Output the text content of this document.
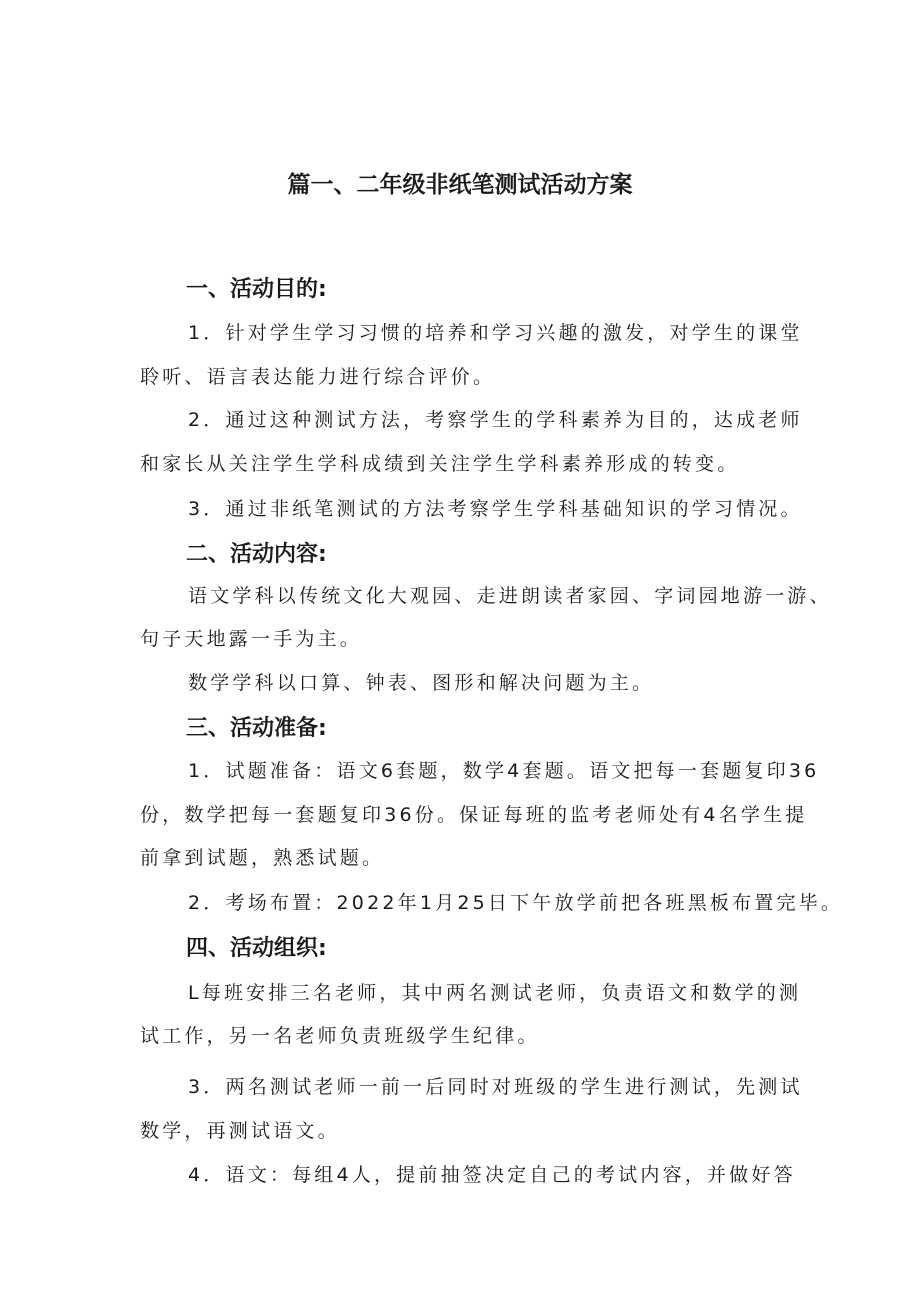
篇一、二年级非纸笔测试活动方案
一、活动目的:
1．针对学生学习习惯的培养和学习兴趣的激发，对学生的课堂
聆听、语言表达能力进行综合评价。
2．通过这种测试方法，考察学生的学科素养为目的，达成老师
和家长从关注学生学科成绩到关注学生学科素养形成的转变。
3．通过非纸笔测试的方法考察学生学科基础知识的学习情况。
二、活动内容:
语文学科以传统文化大观园、走进朗读者家园、字词园地游一游、
句子天地露一手为主。
数学学科以口算、钟表、图形和解决问题为主。
三、活动准备:
1．试题准备：语文6套题，数学4套题。语文把每一套题复印36
份，数学把每一套题复印36份。保证每班的监考老师处有4名学生提
前拿到试题，熟悉试题。
2．考场布置：2022年1月25日下午放学前把各班黑板布置完毕。
四、活动组织:
L每班安排三名老师，其中两名测试老师，负责语文和数学的测
试工作，另一名老师负责班级学生纪律。
3．两名测试老师一前一后同时对班级的学生进行测试，先测试
数学，再测试语文。
4．语文：每组4人，提前抽签决定自己的考试内容，并做好答
